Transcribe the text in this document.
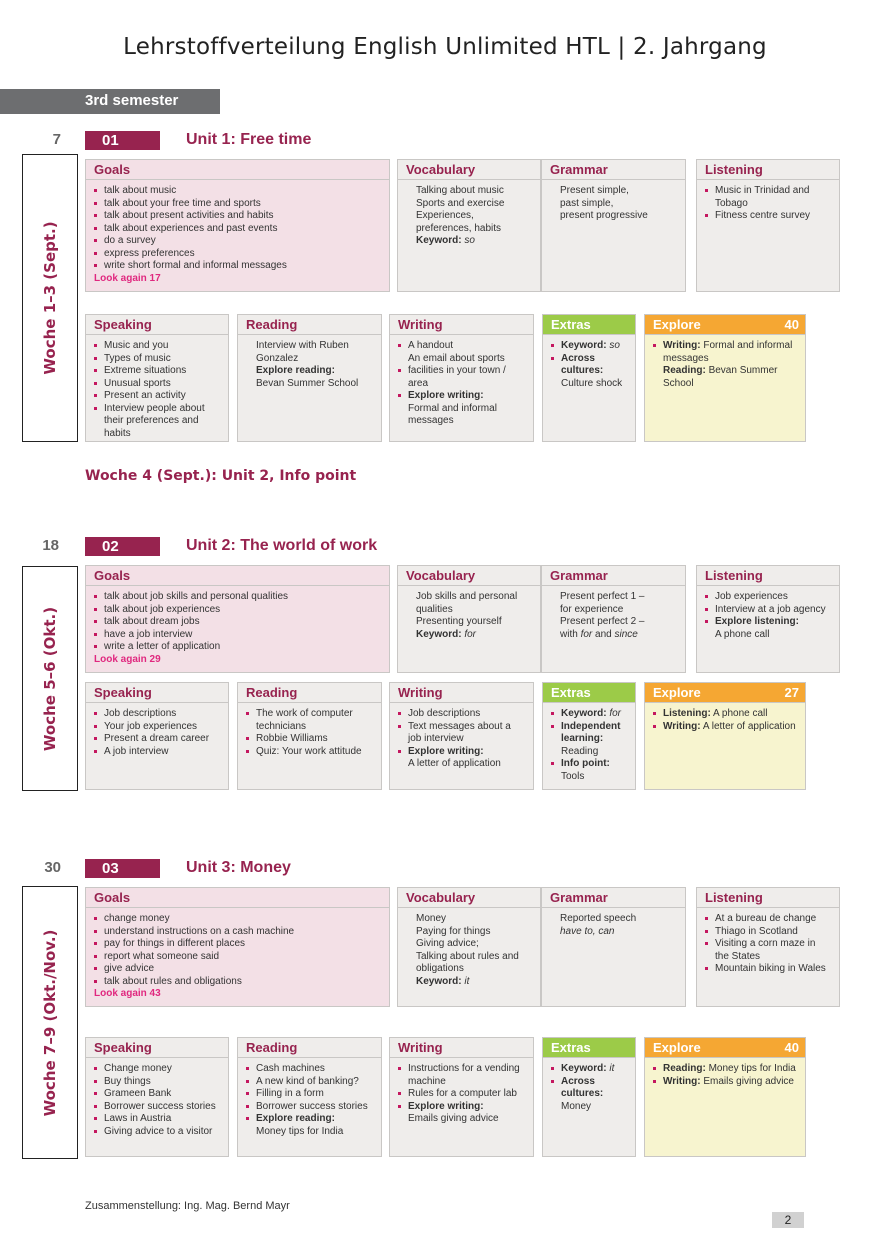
Lehrstoffverteilung English Unlimited HTL | 2. Jahrgang
3rd semester
7	01	Unit 1: Free time
Woche 1–3 (Sept.)
Goals
talk about music
talk about your free time and sports
talk about present activities and habits
talk about experiences and past events
do a survey
express preferences
write short formal and informal messages
Look again 17
Vocabulary
Talking about music
Sports and exercise
Experiences, preferences, habits
Keyword: so
Grammar
Present simple,
past simple,
present progressive
Listening
Music in Trinidad and Tobago
Fitness centre survey
Speaking
Music and you
Types of music
Extreme situations
Unusual sports
Present an activity
Interview people about their preferences and habits
Reading
Interview with Ruben Gonzalez
Explore reading:
Bevan Summer School
Writing
A handout
An email about sports
facilities in your town / area
Explore writing:
Formal and informal messages
Extras
Keyword: so
Across cultures:
Culture shock
Explore	40
Writing: Formal and informal messages
Reading: Bevan Summer School
Woche 4 (Sept.): Unit 2, Info point
18	02	Unit 2: The world of work
Woche 5–6 (Okt.)
Goals
talk about job skills and personal qualities
talk about job experiences
talk about dream jobs
have a job interview
write a letter of application
Look again 29
Vocabulary
Job skills and personal qualities
Presenting yourself
Keyword: for
Grammar
Present perfect 1 –
for experience
Present perfect 2 –
with for and since
Listening
Job experiences
Interview at a job agency
Explore listening:
A phone call
Speaking
Job descriptions
Your job experiences
Present a dream career
A job interview
Reading
The work of computer technicians
Robbie Williams
Quiz: Your work attitude
Writing
Job descriptions
Text messages about a job interview
Explore writing:
A letter of application
Extras
Keyword: for
Independent learning:
Reading
Info point:
Tools
Explore	27
Listening: A phone call
Writing: A letter of application
30	03	Unit 3: Money
Woche 7–9 (Okt./Nov.)
Goals
change money
understand instructions on a cash machine
pay for things in different places
report what someone said
give advice
talk about rules and obligations
Look again 43
Vocabulary
Money
Paying for things
Giving advice;
Talking about rules and obligations
Keyword: it
Grammar
Reported speech
have to, can
Listening
At a bureau de change
Thiago in Scotland
Visiting a corn maze in the States
Mountain biking in Wales
Speaking
Change money
Buy things
Grameen Bank
Borrower success stories
Laws in Austria
Giving advice to a visitor
Reading
Cash machines
A new kind of banking?
Filling in a form
Borrower success stories
Explore reading:
Money tips for India
Writing
Instructions for a vending machine
Rules for a computer lab
Explore writing:
Emails giving advice
Extras
Keyword: it
Across cultures:
Money
Explore	40
Reading: Money tips for India
Writing: Emails giving advice
Zusammenstellung: Ing. Mag. Bernd Mayr
2
